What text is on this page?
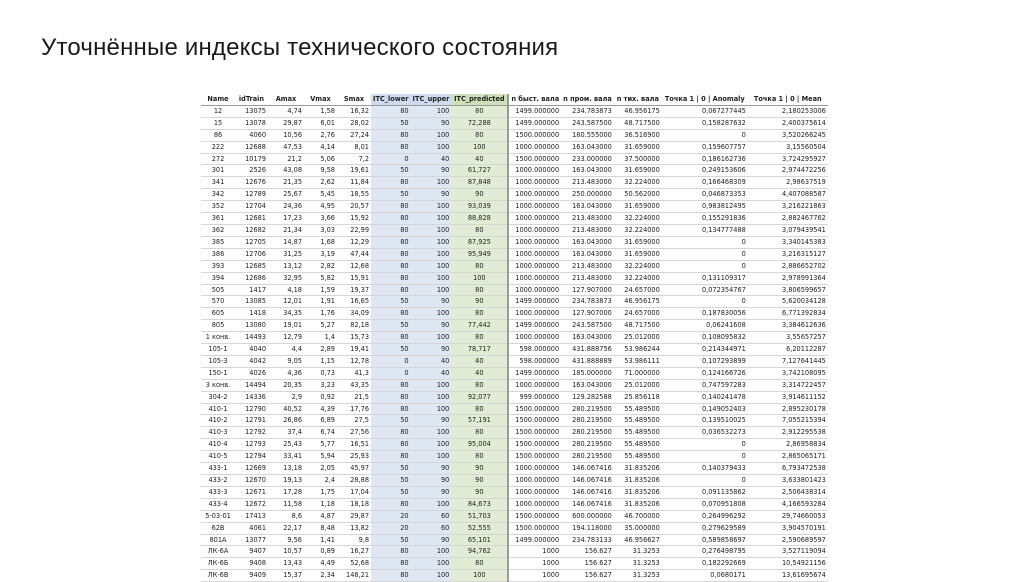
Уточнённые индексы технического состояния
Name	idTrain	Amax	Vmax	Smax	ITC_lower	ITC_upper	ITC_predicted	n быст. вала	n пром. вала	n тих. вала	Точка 1 | 0 | Anomaly	Точка 1 | 0 | Mean
12	13075	4,74	1,58	16,32	80	100	80	1499.000000	234.783873	46.956175	0,067277445	2,180253006
15	13078	29,87	6,01	28,02	50	90	72,288	1499.000000	243.587500	48.717500	0,158287632	2,400375614
86	4060	10,56	2,76	27,24	80	100	80	1500.000000	180.555000	36.516900	0	3,520266245
222	12688	47,53	4,14	8,01	80	100	100	1000.000000	163.043000	31.659000	0,159607757	3,15560504
272	10179	21,2	5,06	7,2	0	40	40	1500.000000	233.000000	37.500000	0,186162736	3,724295927
301	2526	43,08	9,58	19,61	50	90	61,727	1000.000000	163.043000	31.659000	0,249153606	2,974472256
341	12676	21,35	2,62	11,84	80	100	87,848	1000.000000	213.483000	32.224000	0,166468309	2,98637519
342	12789	25,67	5,45	18,55	50	90	90	1000.000000	250.000000	50.562000	0,046873353	4,407088587
352	12704	24,36	4,95	20,57	80	100	93,039	1000.000000	163.043000	31.659000	0,983812495	3,216221863
361	12681	17,23	3,66	15,92	80	100	88,828	1000.000000	213.483000	32.224000	0,155291836	2,882467762
362	12682	21,34	3,03	22,99	80	100	80	1000.000000	213.483000	32.224000	0,134777488	3,079439541
385	12705	14,87	1,68	12,29	80	100	87,925	1000.000000	163.043000	31.659000	0	3,340145383
386	12706	31,25	3,19	47,44	80	100	95,949	1000.000000	163.043000	31.659000	0	3,216315127
393	12685	13,12	2,82	12,68	80	100	80	1000.000000	213.483000	32.224000	0	2,886652702
394	12686	32,95	5,82	15,91	80	100	100	1000.000000	213.483000	32.224000	0,131109317	2,978991364
505	1417	4,18	1,59	19,37	80	100	80	1000.000000	127.907000	24.657000	0,072354767	3,806599657
570	13085	12,01	1,91	16,65	50	90	90	1499.000000	234.783873	46.956175	0	5,620034128
605	1418	34,35	1,76	34,09	80	100	80	1000.000000	127.907000	24.657000	0,187830056	6,771392834
805	13080	19,01	5,27	82,18	50	90	77,442	1499.000000	243.587500	48.717500	0,06241608	3,384612636
1 конв.	14493	12,79	1,4	15,73	80	100	80	1000.000000	163.043000	25.012000	0,108095832	3,55657257
105-1	4040	4,4	2,89	19,41	50	90	78,717	598.000000	431.888756	53.986244	0,214344971	6,20112287
105-3	4042	9,05	1,15	12,78	0	40	40	598.000000	431.888889	53.986111	0,107293899	7,127641445
150-1	4026	4,36	0,73	41,3	0	40	40	1499.000000	185.000000	71.000000	0,124166726	3,742108095
3 конв.	14494	20,35	3,23	43,35	80	100	80	1000.000000	163.043000	25.012000	0,747597283	3,314722457
304-2	14336	2,9	0,92	21,5	80	100	92,077	999.000000	129.282588	25.856118	0,140241478	3,914611152
410-1	12790	40,52	4,39	17,76	80	100	80	1500.000000	280.219500	55.489500	0,149052403	2,895230178
410-2	12791	26,86	6,89	27,5	50	90	57,191	1500.000000	280.219500	55.489500	0,139510025	7,055215394
410-3	12792	37,4	6,74	27,56	80	100	80	1500.000000	280.219500	55.489500	0,036532273	2,912295538
410-4	12793	25,43	5,77	16,51	80	100	95,004	1500.000000	280.219500	55.489500	0	2,86958834
410-5	12794	33,41	5,94	25,93	80	100	80	1500.000000	280.219500	55.489500	0	2,865065171
433-1	12669	13,18	2,05	45,97	50	90	90	1000.000000	146.067416	31.835206	0,140379433	6,793472538
433-2	12670	19,13	2,4	28,88	50	90	90	1000.000000	146.067416	31.835206	0	3,633801423
433-3	12671	17,28	1,75	17,04	50	90	90	1000.000000	146.067416	31.835206	0,091135862	2,506438314
433-4	12672	11,58	1,18	18,18	80	100	84,673	1000.000000	146.067416	31.835206	0,070951808	4,166593284
5-03-01	17413	8,6	4,87	29,87	20	60	51,703	1500.000000	600.000000	46.700000	0,264996292	29,74660053
62B	4061	22,17	8,48	13,82	20	60	52,555	1500.000000	194.118000	35.000000	0,279629589	3,904570191
801A	13077	9,56	1,41	9,8	50	90	65,101	1499.000000	234.783133	46.956627	0,589858697	2,590689597
ЛК-6А	9407	10,57	0,89	16,27	80	100	94,762	1000	156.627	31.3253	0,276498795	3,527119094
ЛК-6Б	9408	13,43	4,49	52,68	80	100	80	1000	156.627	31.3253	0,182292669	10,54921156
ЛК-6В	9409	15,37	2,34	148,21	80	100	100	1000	156.627	31.3253	0,0680171	13,61695674
